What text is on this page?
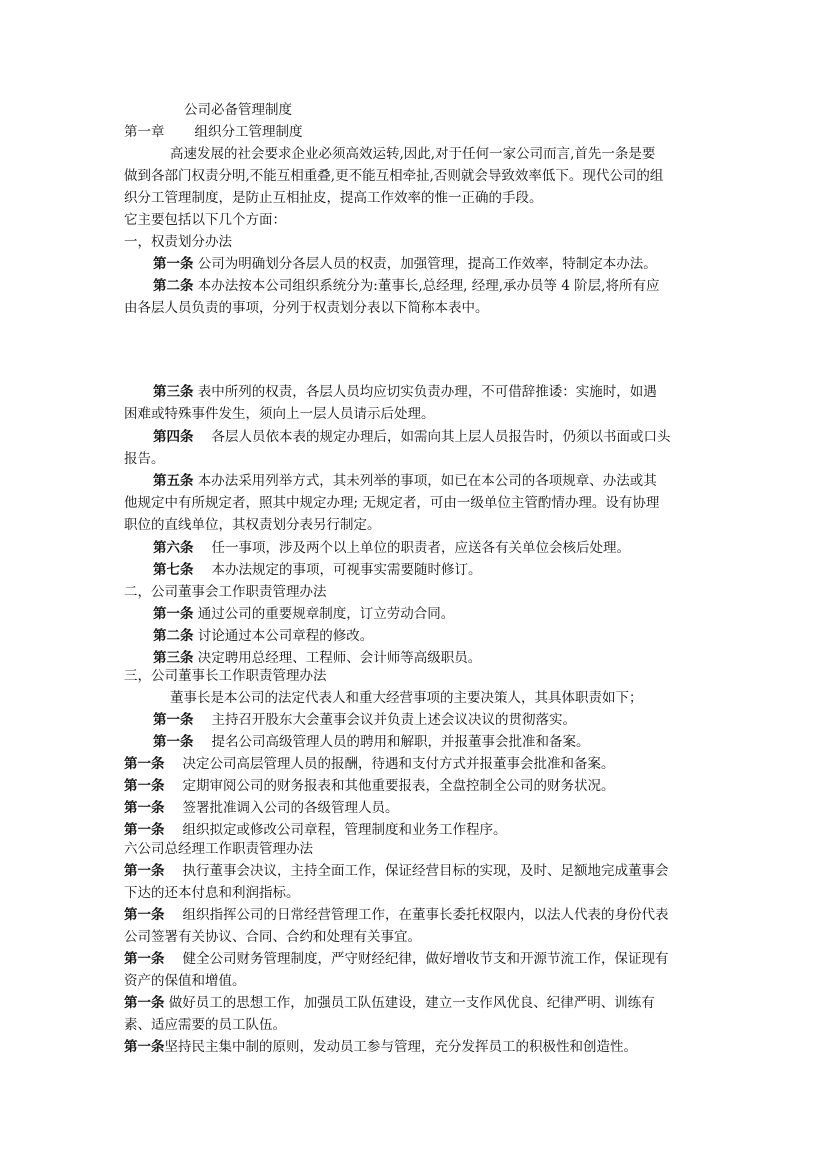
公司必备管理制度
第一章 组织分工管理制度
高速发展的社会要求企业必须高效运转,因此,对于任何一家公司而言,首先一条是要
做到各部门权责分明,不能互相重叠,更不能互相牵扯,否则就会导致效率低下。现代公司的组
织分工管理制度，是防止互相扯皮，提高工作效率的惟一正确的手段。
它主要包括以下几个方面：
一，权责划分办法
第一条 公司为明确划分各层人员的权责，加强管理，提高工作效率，特制定本办法。
第二条 本办法按本公司组织系统分为:董事长,总经理, 经理,承办员等 4 阶层,将所有应
由各层人员负责的事项，分列于权责划分表以下简称本表中。
第三条 表中所列的权责，各层人员均应切实负责办理，不可借辞推诿：实施时，如遇
困难或特殊事件发生，须向上一层人员请示后处理。
第四条 各层人员依本表的规定办理后，如需向其上层人员报告时，仍须以书面或口头
报告。
第五条 本办法采用列举方式，其未列举的事项，如已在本公司的各项规章、办法或其
他规定中有所规定者，照其中规定办理; 无规定者，可由一级单位主管酌情办理。设有协理
职位的直线单位，其权责划分表另行制定。
第六条 任一事项，涉及两个以上单位的职责者，应送各有关单位会核后处理。
第七条 本办法规定的事项，可视事实需要随时修订。
二，公司董事会工作职责管理办法
第一条 通过公司的重要规章制度，订立劳动合同。
第二条 讨论通过本公司章程的修改。
第三条 决定聘用总经理、工程师、会计师等高级职员。
三，公司董事长工作职责管理办法
董事长是本公司的法定代表人和重大经营事项的主要决策人，其具体职责如下；
第一条 主持召开股东大会董事会议并负责上述会议决议的贯彻落实。
第一条 提名公司高级管理人员的聘用和解职，并报董事会批准和备案。
第一条 决定公司高层管理人员的报酬，待遇和支付方式并报董事会批准和备案。
第一条 定期审阅公司的财务报表和其他重要报表，全盘控制全公司的财务状况。
第一条 签署批准调入公司的各级管理人员。
第一条 组织拟定或修改公司章程，管理制度和业务工作程序。
六公司总经理工作职责管理办法
第一条 执行董事会决议，主持全面工作，保证经营目标的实现，及时、足额地完成董事会
下达的还本付息和利润指标。
第一条 组织指挥公司的日常经营管理工作，在董事长委托权限内，以法人代表的身份代表
公司签署有关协议、合同、合约和处理有关事宜。
第一条 健全公司财务管理制度，严守财经纪律，做好增收节支和开源节流工作，保证现有
资产的保值和增值。
第一条 做好员工的思想工作，加强员工队伍建设，建立一支作风优良、纪律严明、训练有
素、适应需要的员工队伍。
第一条坚持民主集中制的原则，发动员工参与管理，充分发挥员工的积极性和创造性。
